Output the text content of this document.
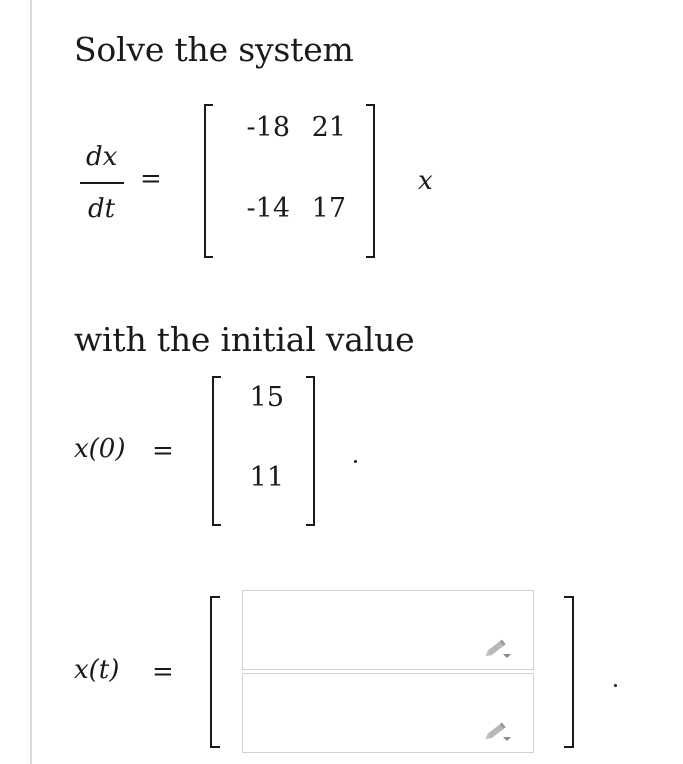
Solve the system
dx
dt
=
-18 21
-14 17
x
with the initial value
x(0) =
15
11
x(t) =
